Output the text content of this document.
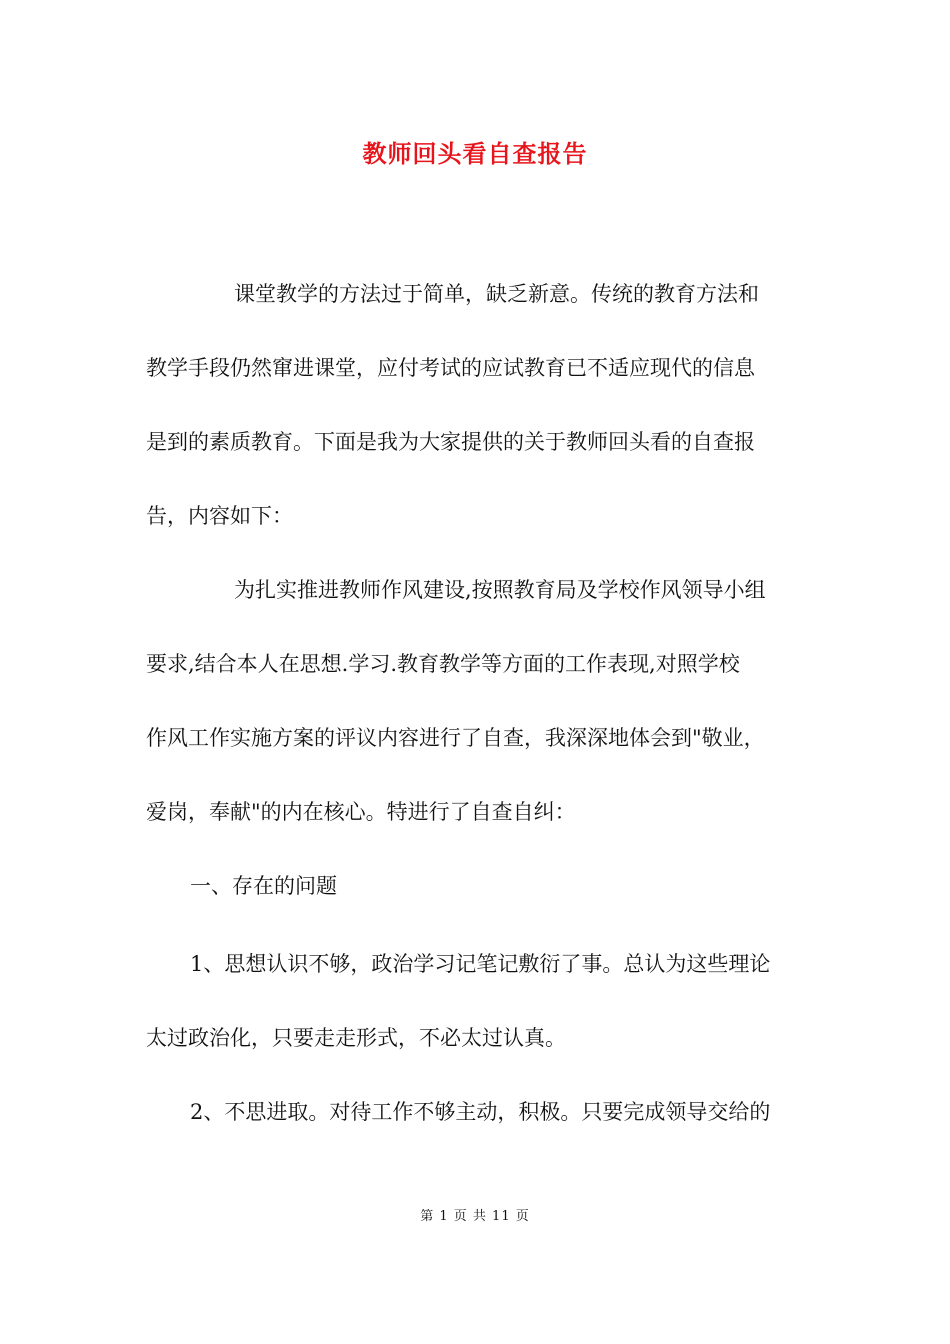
教师回头看自查报告

课堂教学的方法过于简单，缺乏新意。传统的教育方法和

教学手段仍然窜进课堂，应付考试的应试教育已不适应现代的信息

是到的素质教育。下面是我为大家提供的关于教师回头看的自查报

告，内容如下：

为扎实推进教师作风建设,按照教育局及学校作风领导小组

要求,结合本人在思想.学习.教育教学等方面的工作表现,对照学校

作风工作实施方案的评议内容进行了自查，我深深地体会到"敬业，

爱岗，奉献"的内在核心。特进行了自查自纠：

一、存在的问题

1、思想认识不够，政治学习记笔记敷衍了事。总认为这些理论

太过政治化，只要走走形式，不必太过认真。

2、不思进取。对待工作不够主动，积极。只要完成领导交给的

第 1 页 共 11 页
